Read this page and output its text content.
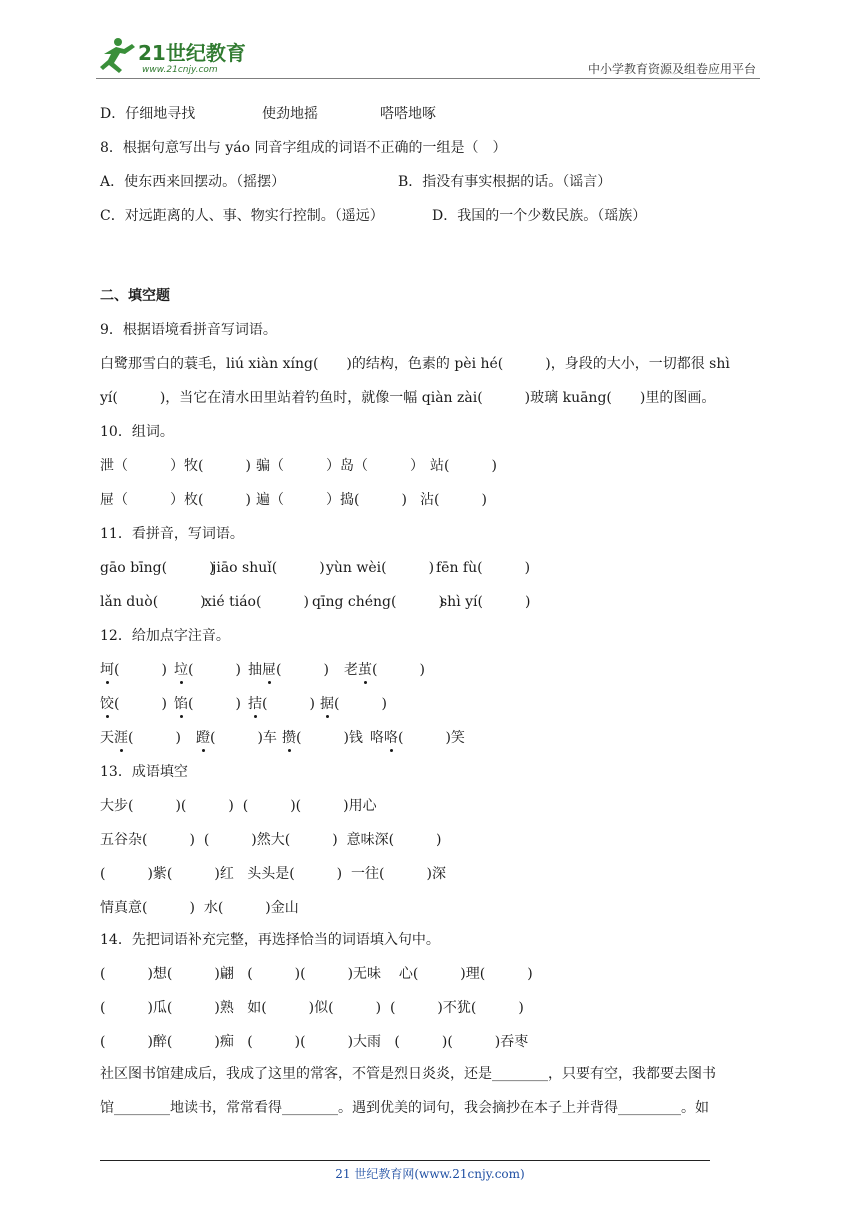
21世纪教育
www.21cnjy.com	中小学教育资源及组卷应用平台
D．仔细地寻找	使劲地摇	嗒嗒地啄
8．根据句意写出与 yáo 同音字组成的词语不正确的一组是（　）
A．使东西来回摆动。（摇摆）	B．指没有事实根据的话。（谣言）
C．对远距离的人、事、物实行控制。（遥远）	D．我国的一个少数民族。（瑶族）
二、填空题
9．根据语境看拼音写词语。
白鹭那雪白的蓑毛，liú xiàn xíng(　　)的结构，色素的 pèi hé(　　　)，身段的大小，一切都很 shì
yí(　　　)，当它在清水田里站着钓鱼时，就像一幅 qiàn zài(　　　)玻璃 kuāng(　　)里的图画。
10．组词。
泄（　　　） 牧(　　　) 骗（　　　） 岛（　　　） 站(　　　)
屉（　　　） 枚(　　　) 遍（　　　） 捣(　　　) 沾(　　　)
11．看拼音，写词语。
gāo bīng(　　　)
jiāo shuǐ(　　　) yùn wèi(　　　) fēn fù(　　　)
lǎn duò(　　　)
xié tiáo(　　　) qīng chéng(　　　)
shì yí(　　　)
12．给加点字注音。
坷(　　　) 垃(　　　) 抽屉(　　　) 老茧(　　　)
饺(　　　) 馅(　　　) 拮(　　　) 据(　　　)
天涯(　　　) 蹬(　　　)车 攒(　　　)钱 咯咯(　　　)笑
13．成语填空
大步(　　　)(　　　)  (　　　)(　　　)用心
五谷杂(　　　)  (　　　)然大(　　　)  意味深(　　　)
(　　　)紫(　　　)红   头头是(　　　)  一往(　　　)深
情真意(　　　)  水(　　　)金山
14．先把词语补充完整，再选择恰当的词语填入句中。
(　　　)想(　　　)翩   (　　　)(　　　)无味    心(　　　)理(　　　)
(　　　)瓜(　　　)熟   如(　　　)似(　　　)  (　　　)不犹(　　　)
(　　　)醉(　　　)痴   (　　　)(　　　)大雨   (　　　)(　　　)吞枣
社区图书馆建成后，我成了这里的常客，不管是烈日炎炎，还是________，只要有空，我都要去图书
馆________地读书，常常看得________。遇到优美的词句，我会摘抄在本子上并背得_________。如
21 世纪教育网(www.21cnjy.com)
